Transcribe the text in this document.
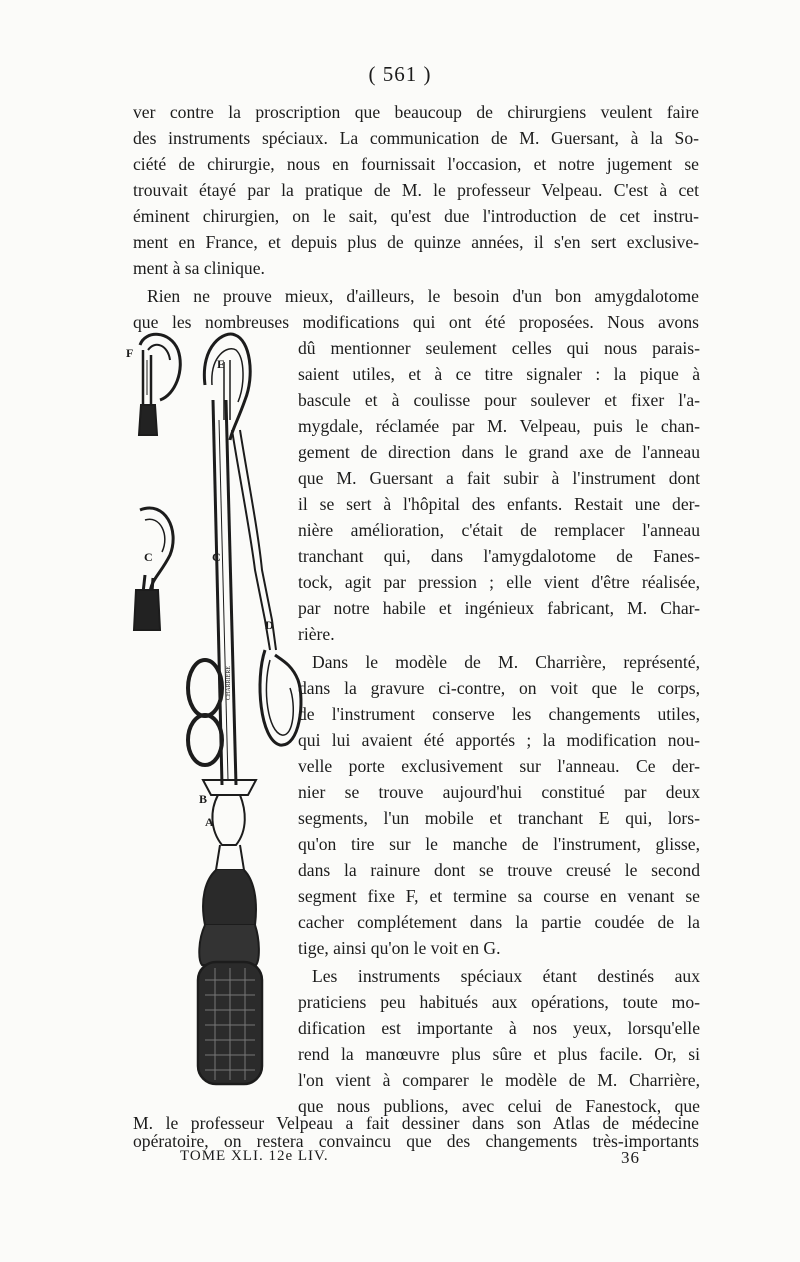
( 561 )
ver contre la proscription que beaucoup de chirurgiens veulent faire
des instruments spéciaux. La communication de M. Guersant, à la So-
ciété de chirurgie, nous en fournissait l'occasion, et notre jugement se
trouvait étayé par la pratique de M. le professeur Velpeau. C'est à cet
éminent chirurgien, on le sait, qu'est due l'introduction de cet instru-
ment en France, et depuis plus de quinze années, il s'en sert exclusive-
ment à sa clinique.
Rien ne prouve mieux, d'ailleurs, le besoin d'un bon amygdalotome
que les nombreuses modifications qui ont été proposées. Nous avons
dû mentionner seulement celles qui nous parais-
saient utiles, et à ce titre signaler : la pique à
bascule et à coulisse pour soulever et fixer l'a-
mygdale, réclamée par M. Velpeau, puis le chan-
gement de direction dans le grand axe de l'anneau
que M. Guersant a fait subir à l'instrument dont
il se sert à l'hôpital des enfants. Restait une der-
nière amélioration, c'était de remplacer l'anneau
tranchant qui, dans l'amygdalotome de Fanes-
tock, agit par pression ; elle vient d'être réalisée,
par notre habile et ingénieux fabricant, M. Char-
rière.
Dans le modèle de M. Charrière, représenté,
dans la gravure ci-contre, on voit que le corps,
de l'instrument conserve les changements utiles,
qui lui avaient été apportés ; la modification nou-
velle porte exclusivement sur l'anneau. Ce der-
nier se trouve aujourd'hui constitué par deux
segments, l'un mobile et tranchant E qui, lors-
qu'on tire sur le manche de l'instrument, glisse,
dans la rainure dont se trouve creusé le second
segment fixe F, et termine sa course en venant se
cacher complétement dans la partie coudée de la
tige, ainsi qu'on le voit en G.
Les instruments spéciaux étant destinés aux
praticiens peu habitués aux opérations, toute mo-
dification est importante à nos yeux, lorsqu'elle
rend la manœuvre plus sûre et plus facile. Or, si
l'on vient à comparer le modèle de M. Charrière,
que nous publions, avec celui de Fanestock, que
M. le professeur Velpeau a fait dessiner dans son Atlas de médecine
opératoire, on restera convaincu que des changements très-importants
TOME XLI. 12e LIV.	36
F
E
C	C
D
B
A
CHARRIERE
